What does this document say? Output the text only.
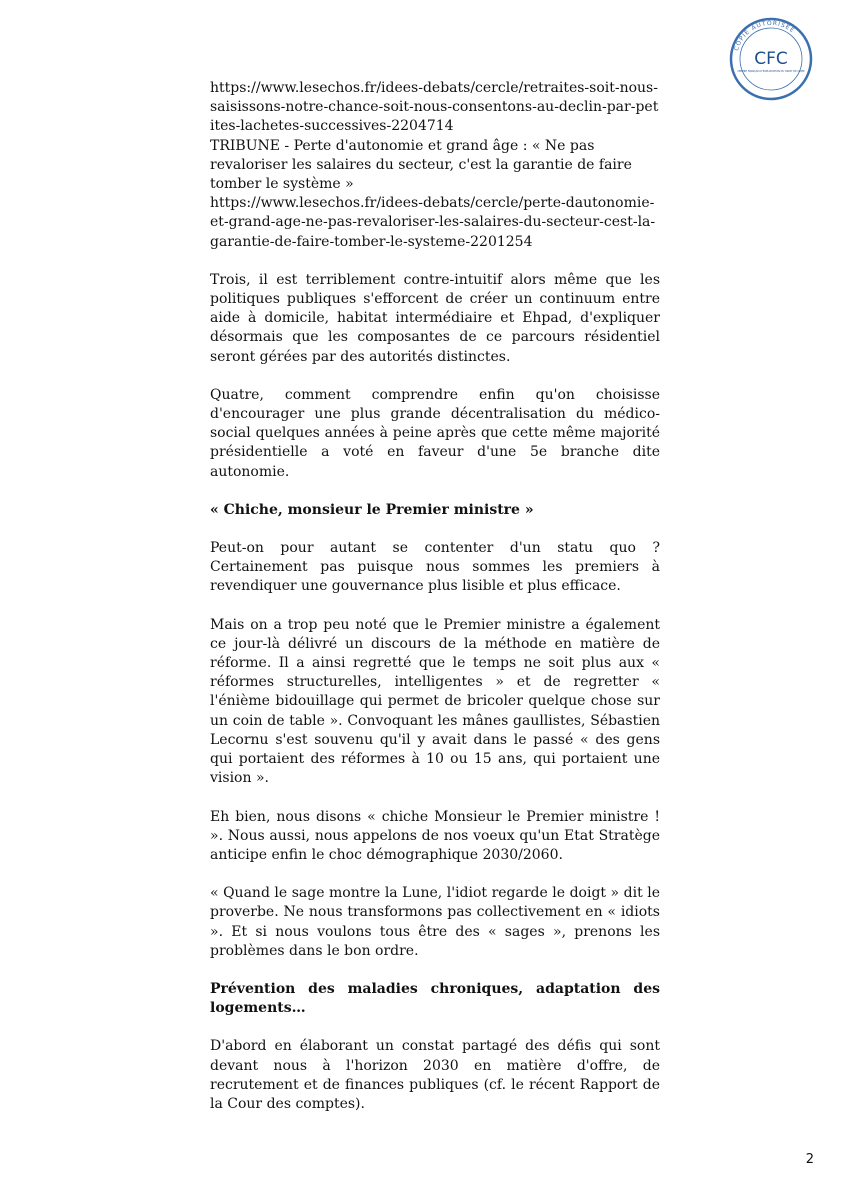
COPIE AUTORISÉE
CFC
CENTRE FRANÇAIS D'EXPLOITATION DU DROIT DE COPIE

https://www.lesechos.fr/idees-debats/cercle/retraites-soit-nous-saisissons-notre-chance-soit-nous-consentons-au-declin-par-petites-lachetes-successives-2204714
TRIBUNE - Perte d'autonomie et grand âge : « Ne pas revaloriser les salaires du secteur, c'est la garantie de faire tomber le système »
https://www.lesechos.fr/idees-debats/cercle/perte-dautonomie-et-grand-age-ne-pas-revaloriser-les-salaires-du-secteur-cest-la-garantie-de-faire-tomber-le-systeme-2201254

Trois, il est terriblement contre-intuitif alors même que les politiques publiques s'efforcent de créer un continuum entre aide à domicile, habitat intermédiaire et Ehpad, d'expliquer désormais que les composantes de ce parcours résidentiel seront gérées par des autorités distinctes.

Quatre, comment comprendre enfin qu'on choisisse d'encourager une plus grande décentralisation du médico-social quelques années à peine après que cette même majorité présidentielle a voté en faveur d'une 5e branche dite autonomie.

« Chiche, monsieur le Premier ministre »

Peut-on pour autant se contenter d'un statu quo ? Certainement pas puisque nous sommes les premiers à revendiquer une gouvernance plus lisible et plus efficace.

Mais on a trop peu noté que le Premier ministre a également ce jour-là délivré un discours de la méthode en matière de réforme. Il a ainsi regretté que le temps ne soit plus aux « réformes structurelles, intelligentes » et de regretter « l'énième bidouillage qui permet de bricoler quelque chose sur un coin de table ». Convoquant les mânes gaullistes, Sébastien Lecornu s'est souvenu qu'il y avait dans le passé « des gens qui portaient des réformes à 10 ou 15 ans, qui portaient une vision ».

Eh bien, nous disons « chiche Monsieur le Premier ministre ! ». Nous aussi, nous appelons de nos voeux qu'un Etat Stratège anticipe enfin le choc démographique 2030/2060.

« Quand le sage montre la Lune, l'idiot regarde le doigt » dit le proverbe. Ne nous transformons pas collectivement en « idiots ». Et si nous voulons tous être des « sages », prenons les problèmes dans le bon ordre.

Prévention des maladies chroniques, adaptation des logements…

D'abord en élaborant un constat partagé des défis qui sont devant nous à l'horizon 2030 en matière d'offre, de recrutement et de finances publiques (cf. le récent Rapport de la Cour des comptes).

2
